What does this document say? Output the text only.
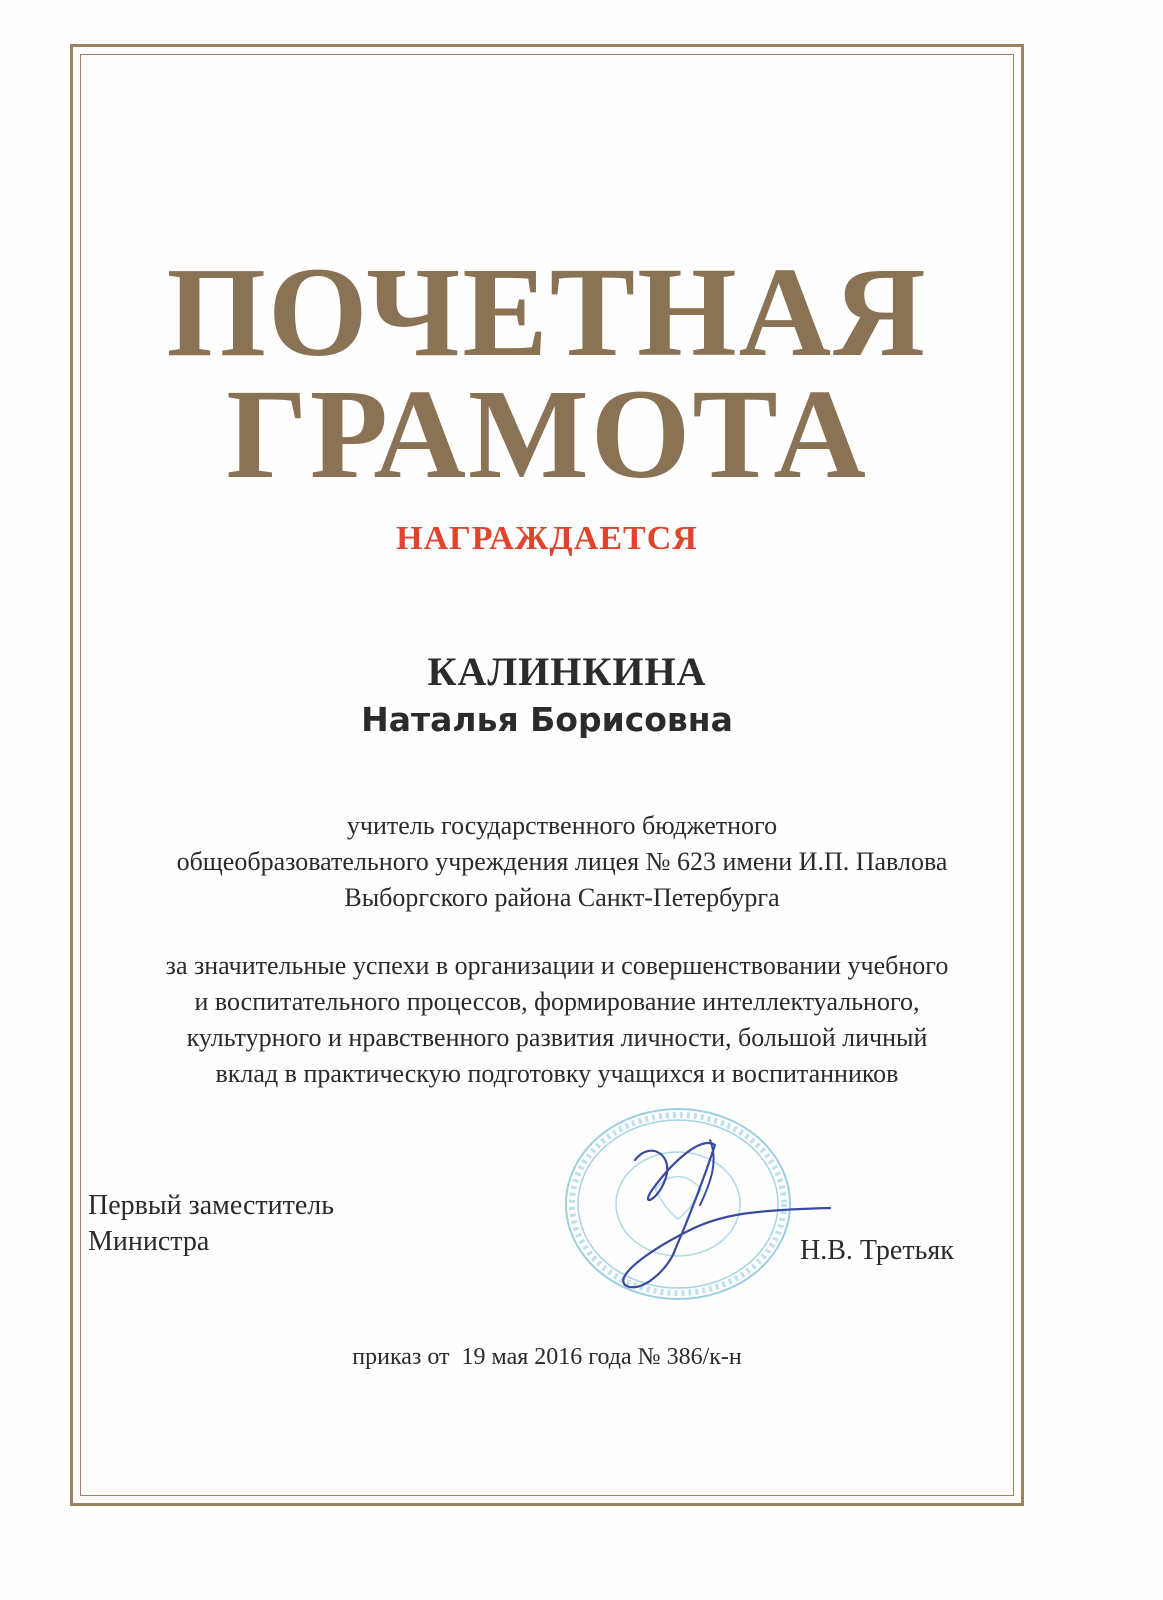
ПОЧЕТНАЯ
ГРАМОТА
НАГРАЖДАЕТСЯ
КАЛИНКИНА
Наталья Борисовна
учитель государственного бюджетного
общеобразовательного учреждения лицея № 623 имени И.П. Павлова
Выборгского района Санкт-Петербурга
за значительные успехи в организации и совершенствовании учебного
и воспитательного процессов, формирование интеллектуального,
культурного и нравственного развития личности, большой личный
вклад в практическую подготовку учащихся и воспитанников
Первый заместитель
Министра	Н.В. Третьяк
приказ от  19 мая 2016 года № 386/к-н
